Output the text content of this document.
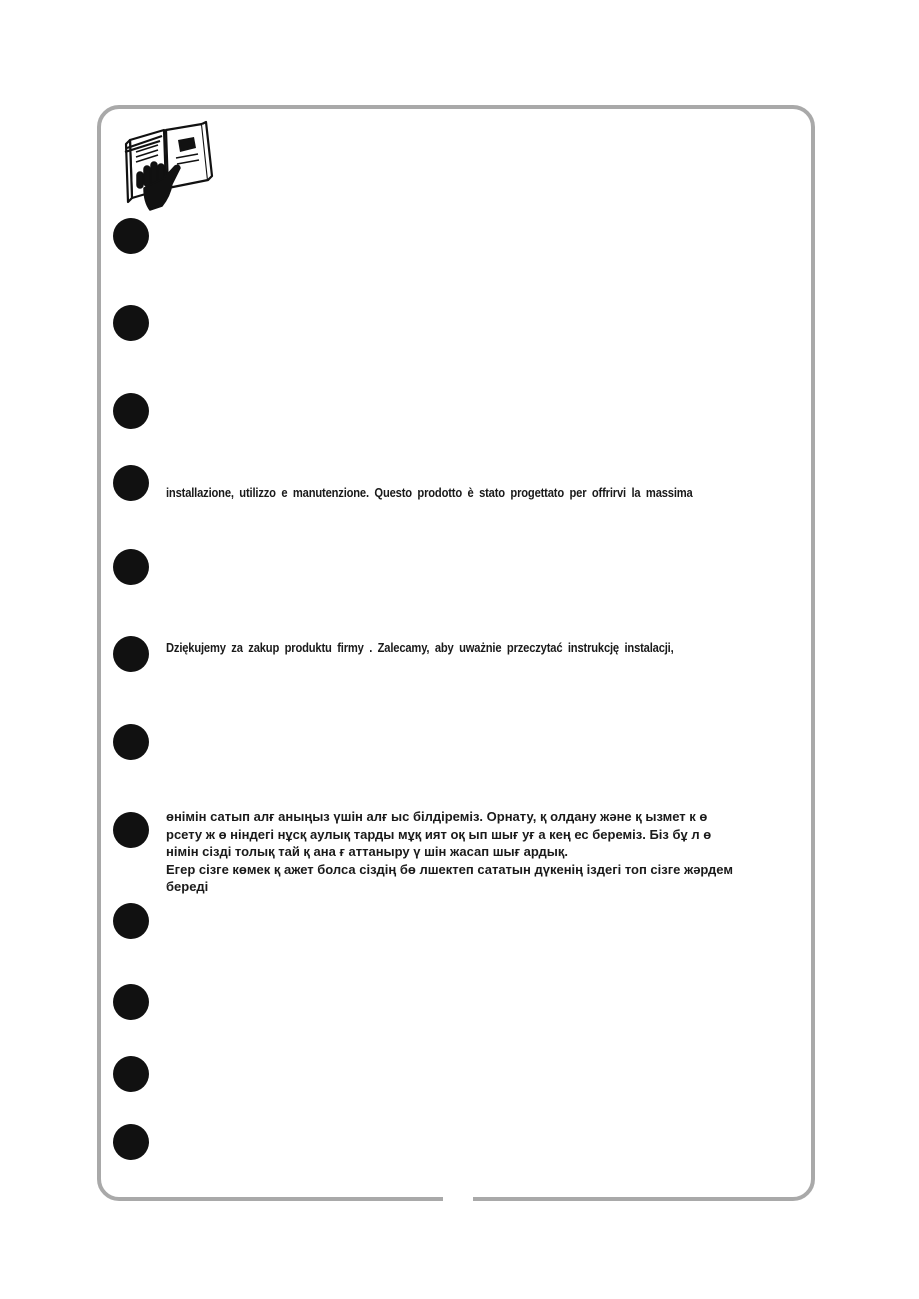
installazione, utilizzo e manutenzione. Questo prodotto è stato progettato per offrirvi la massima

Dziękujemy za zakup produktu firmy . Zalecamy, aby uważnie przeczytać instrukcję instalacji,

өнімін сатып алғ аныңыз үшін алғ ыс білдіреміз. Орнату, қ олдану және қ ызмет к ө
рсету ж ө ніндегі нұсқ аулық тарды мұқ ият оқ ып шығ уғ а кең ес береміз. Біз бұ л ө
німін сізді толық тай қ ана ғ аттаныру ү шін жасап шығ ардық.
Егер сізге көмек қ ажет болса сіздің бө лшектеп сататын дүкенің іздегі топ сізге жәрдем
береді
